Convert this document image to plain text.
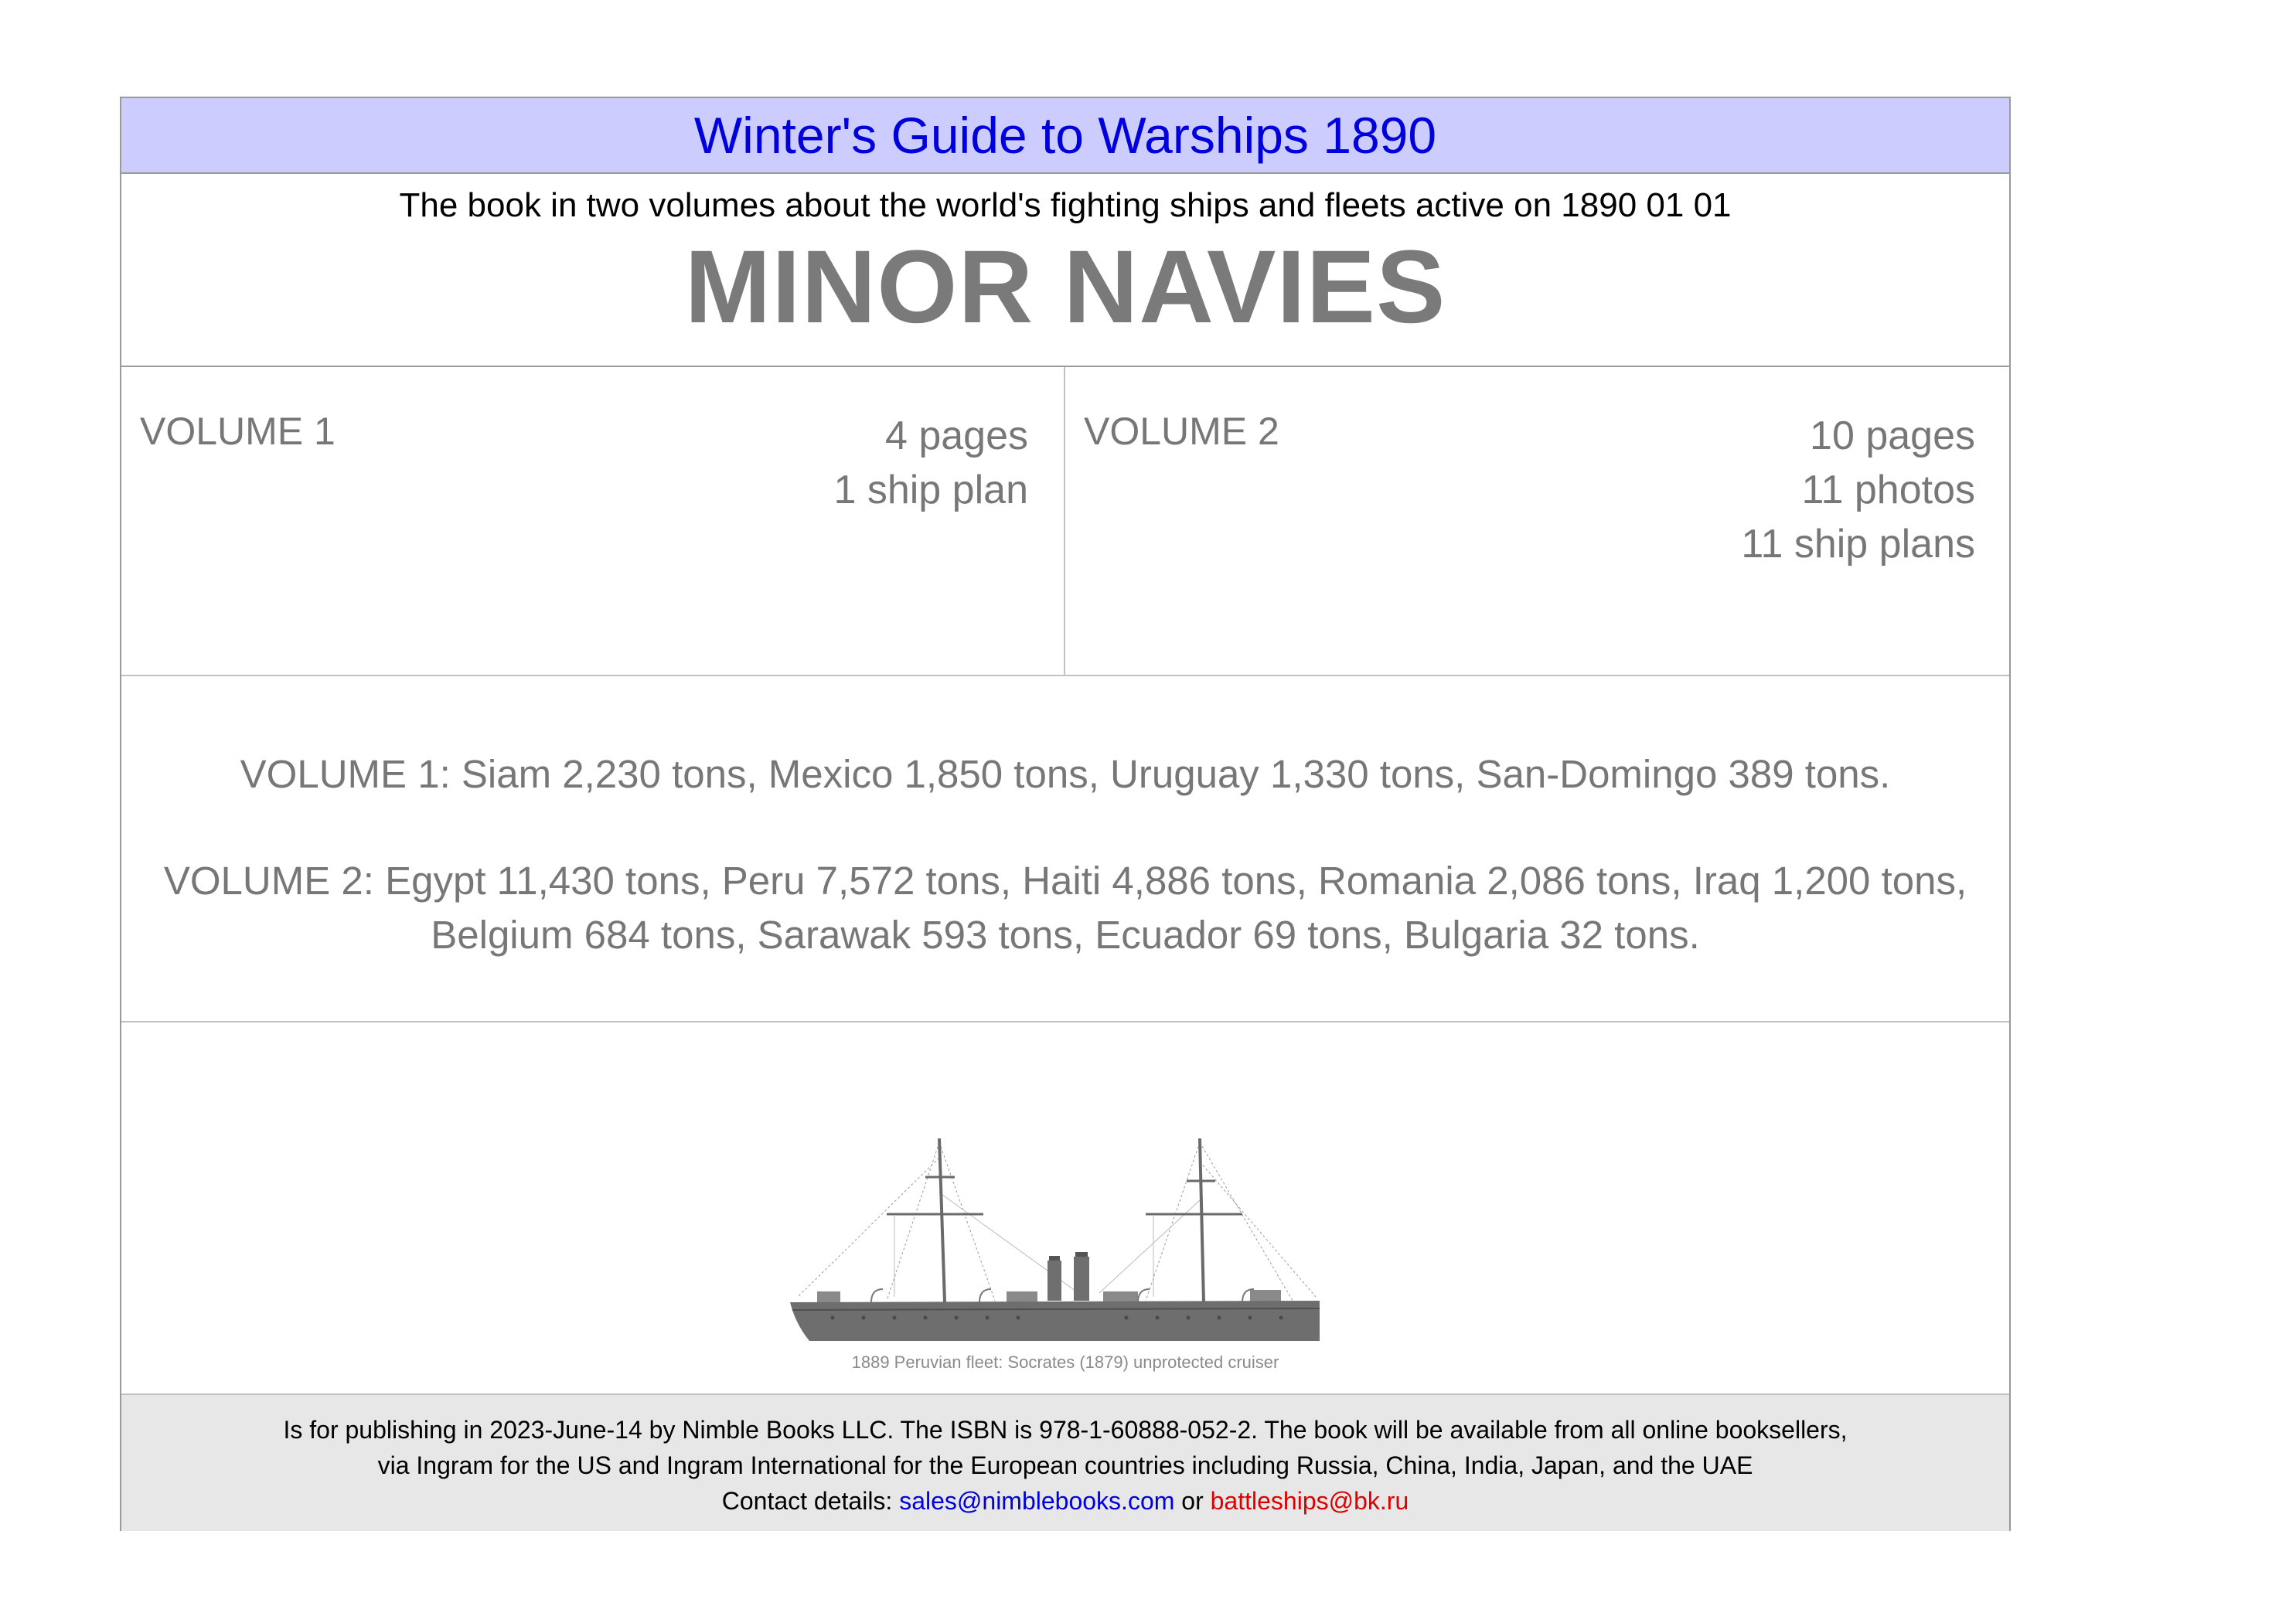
Winter's Guide to Warships 1890
The book in two volumes about the world's fighting ships and fleets active on 1890 01 01
MINOR NAVIES
VOLUME 1	4 pages
1 ship plan
VOLUME 2	10 pages
11 photos
11 ship plans
VOLUME 1: Siam 2,230 tons, Mexico 1,850 tons, Uruguay 1,330 tons, San-Domingo 389 tons.
VOLUME 2: Egypt 11,430 tons, Peru 7,572 tons, Haiti 4,886 tons, Romania 2,086 tons, Iraq 1,200 tons, Belgium 684 tons, Sarawak 593 tons, Ecuador 69 tons, Bulgaria 32 tons.
1889 Peruvian fleet: Socrates (1879) unprotected cruiser
Is for publishing in 2023-June-14 by Nimble Books LLC. The ISBN is 978-1-60888-052-2. The book will be available from all online booksellers,
via Ingram for the US and Ingram International for the European countries including Russia, China, India, Japan, and the UAE
Contact details: sales@nimblebooks.com or battleships@bk.ru
